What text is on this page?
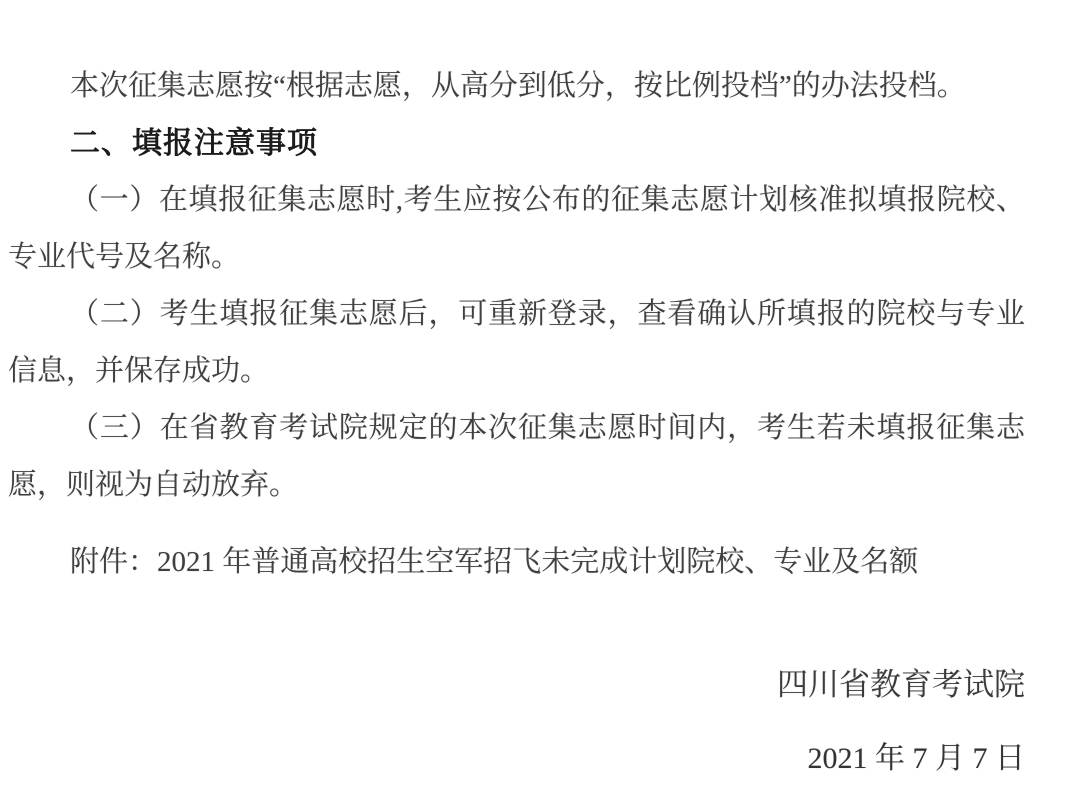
本次征集志愿按“根据志愿，从高分到低分，按比例投档”的办法投档。

二、填报注意事项

（一）在填报征集志愿时,考生应按公布的征集志愿计划核准拟填报院校、专业代号及名称。

（二）考生填报征集志愿后，可重新登录，查看确认所填报的院校与专业信息，并保存成功。

（三）在省教育考试院规定的本次征集志愿时间内，考生若未填报征集志愿，则视为自动放弃。

附件：2021 年普通高校招生空军招飞未完成计划院校、专业及名额

四川省教育考试院

2021 年 7 月 7 日
